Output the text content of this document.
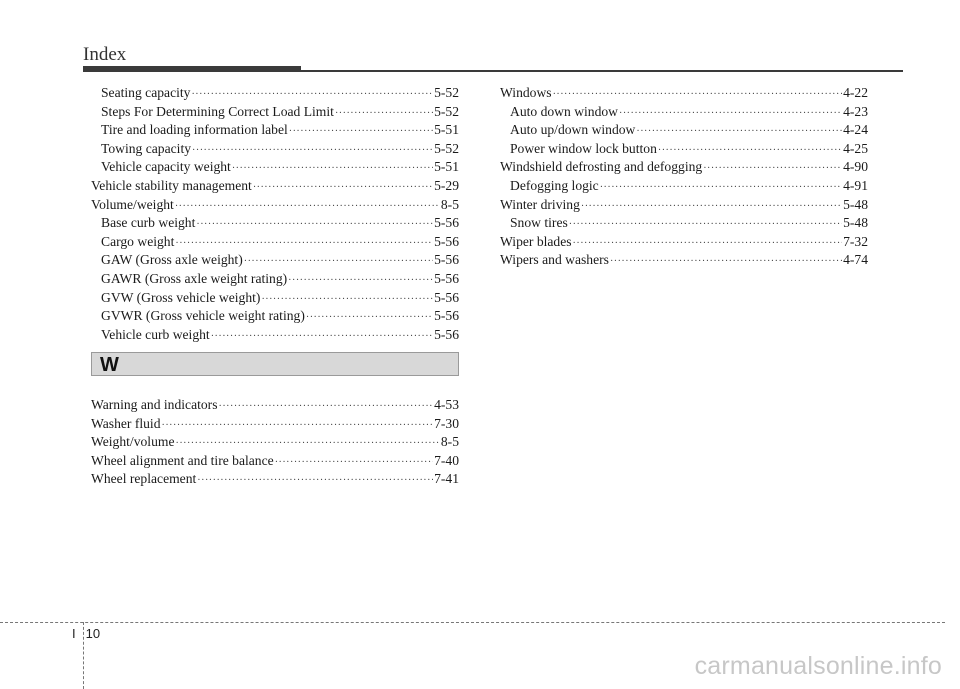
Index
Seating capacity ·····	5-52
Steps For Determining Correct Load Limit ·····	5-52
Tire and loading information label ·····	5-51
Towing capacity ·····	5-52
Vehicle capacity weight ·····	5-51
Vehicle stability management ·····	5-29
Volume/weight ·····	8-5
Base curb weight ·····	5-56
Cargo weight ·····	5-56
GAW (Gross axle weight) ·····	5-56
GAWR (Gross axle weight rating) ·····	5-56
GVW (Gross vehicle weight) ·····	5-56
GVWR (Gross vehicle weight rating) ·····	5-56
Vehicle curb weight ·····	5-56
W
Warning and indicators ·····	4-53
Washer fluid ·····	7-30
Weight/volume ·····	8-5
Wheel alignment and tire balance ·····	7-40
Wheel replacement ·····	7-41
Windows ·····	4-22
Auto down window ·····	4-23
Auto up/down window ·····	4-24
Power window lock button ·····	4-25
Windshield defrosting and defogging ·····	4-90
Defogging logic ·····	4-91
Winter driving ·····	5-48
Snow tires ·····	5-48
Wiper blades ·····	7-32
Wipers and washers ·····	4-74
I 10
carmanualsonline.info
